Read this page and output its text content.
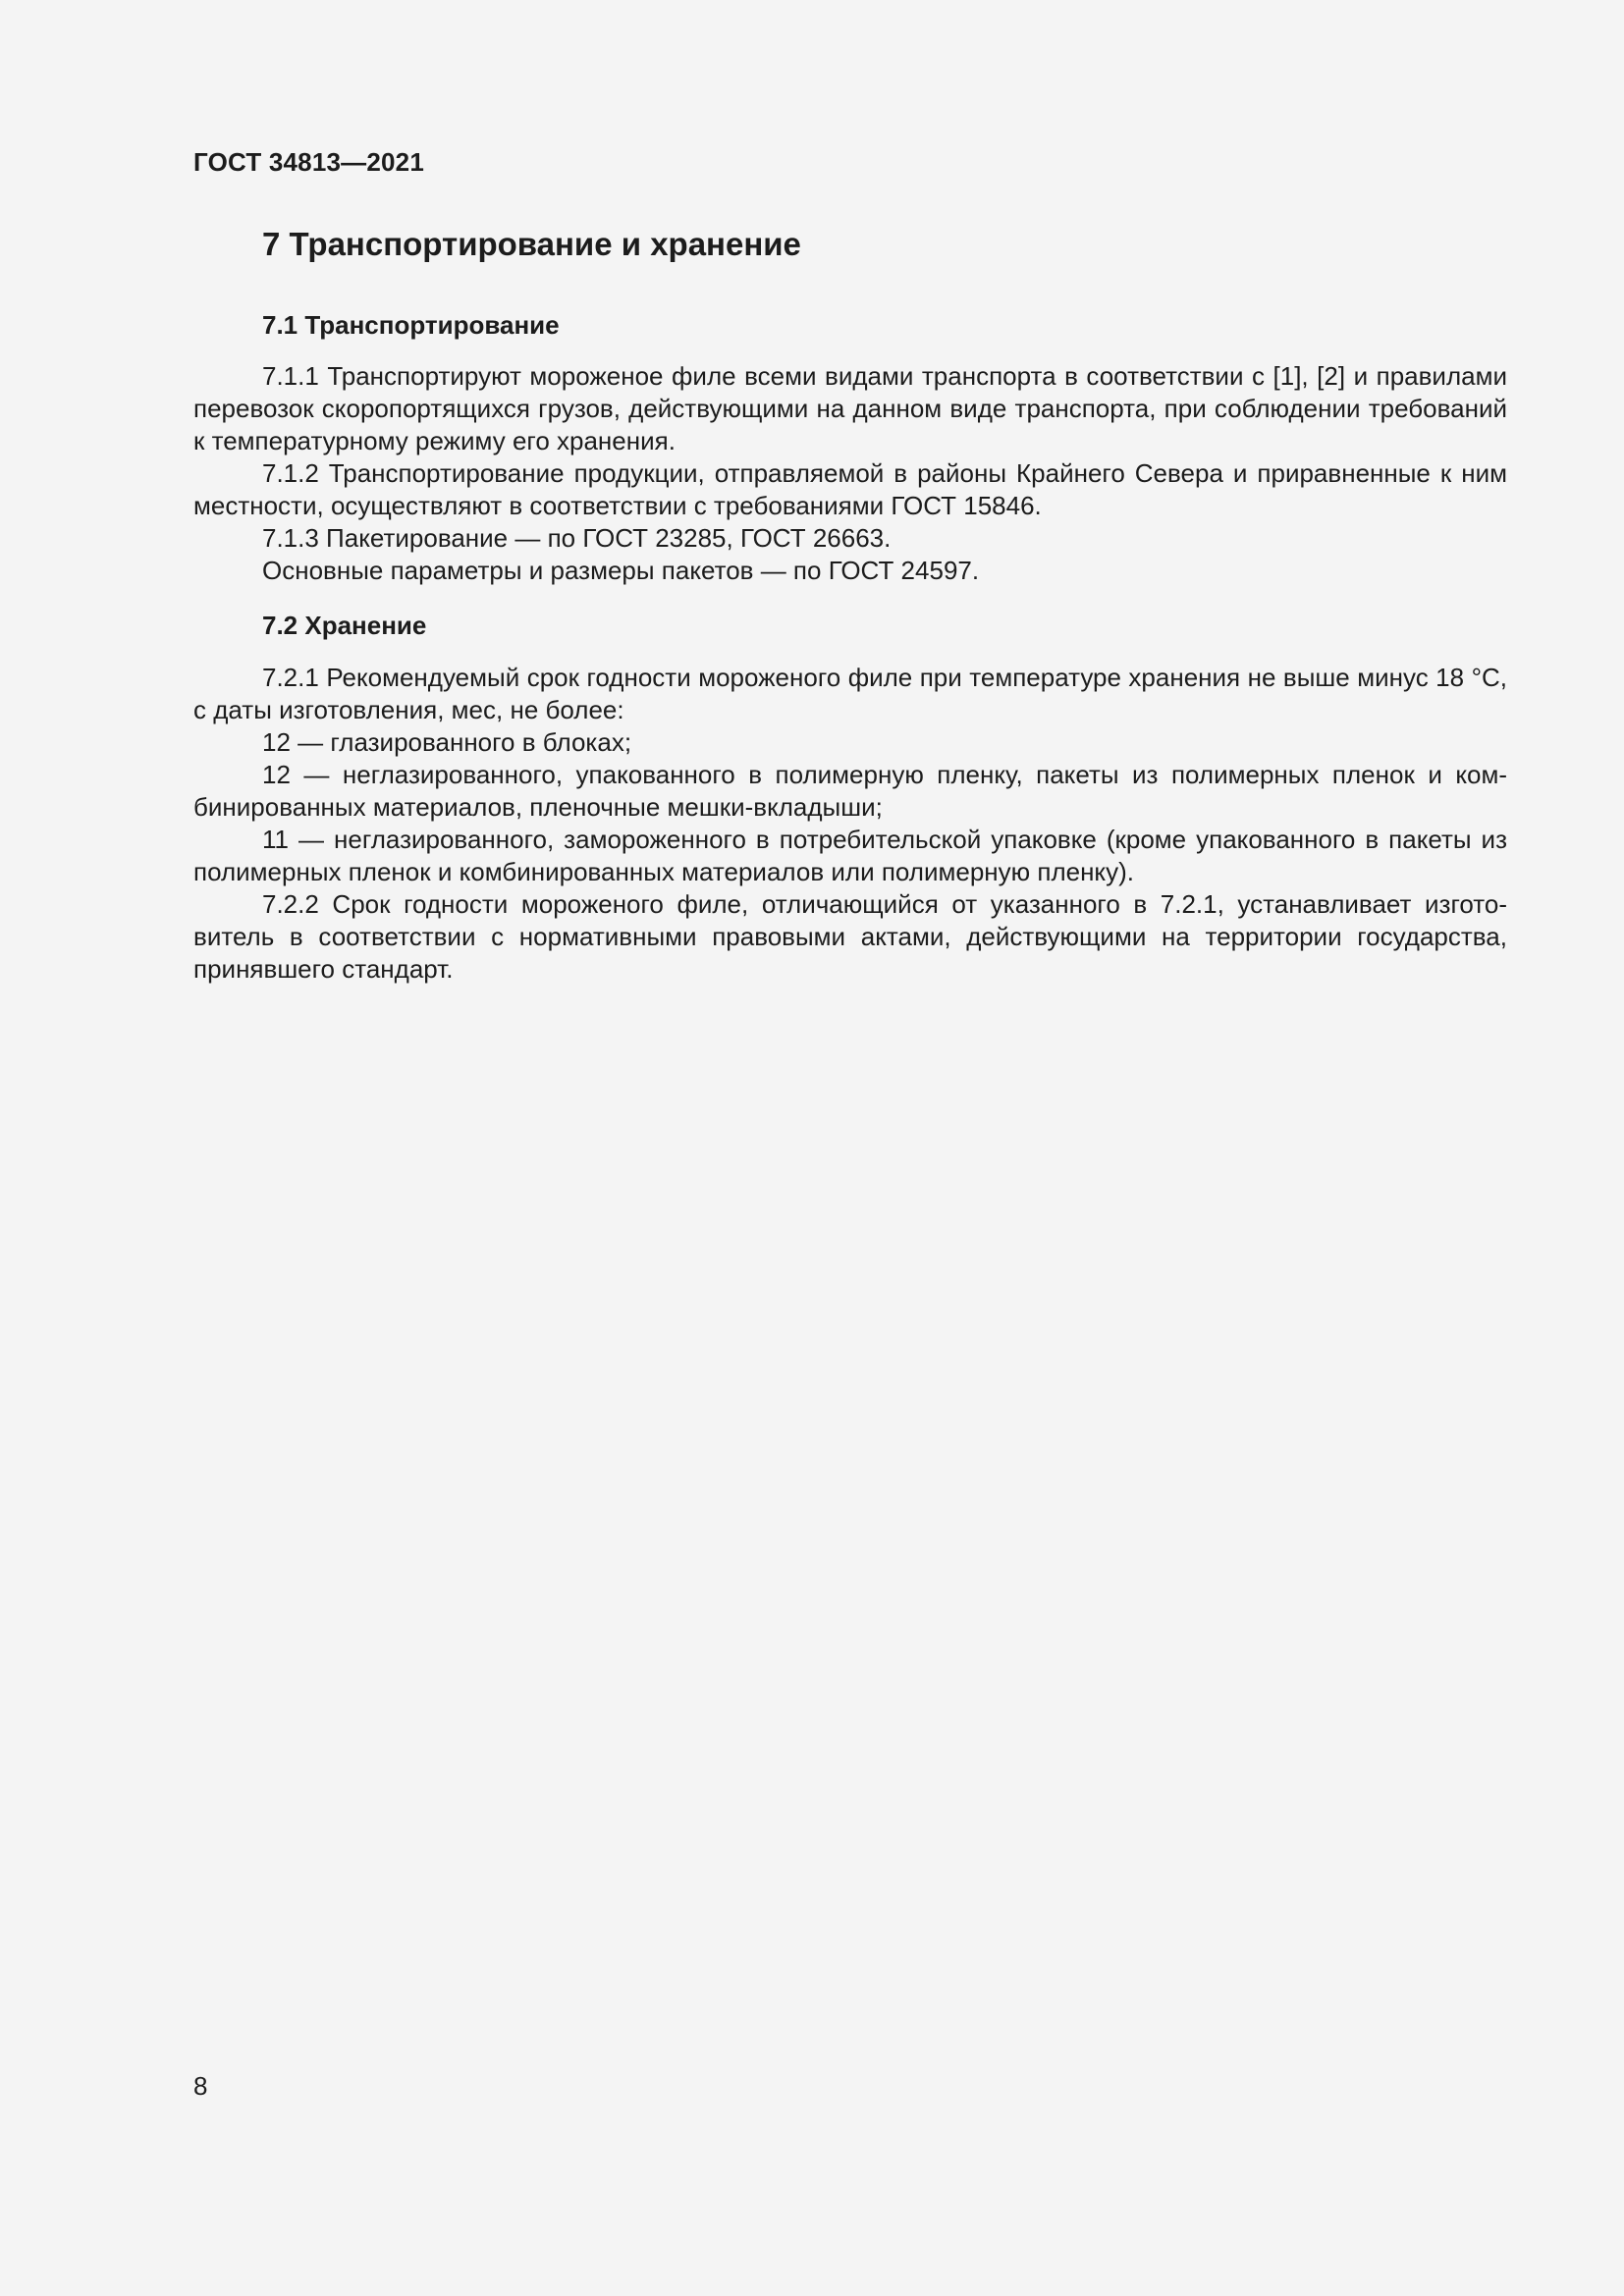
ГОСТ 34813—2021
7 Транспортирование и хранение
7.1 Транспортирование

7.1.1 Транспортируют мороженое филе всеми видами транспорта в соответствии с [1], [2] и правилами перевозок скоропортящихся грузов, действующими на данном виде транспорта, при соблюдении требований к температурному режиму его хранения.

7.1.2 Транспортирование продукции, отправляемой в районы Крайнего Севера и приравненные к ним местности, осуществляют в соответствии с требованиями ГОСТ 15846.

7.1.3 Пакетирование — по ГОСТ 23285, ГОСТ 26663.

Основные параметры и размеры пакетов — по ГОСТ 24597.

7.2 Хранение

7.2.1 Рекомендуемый срок годности мороженого филе при температуре хранения не выше минус 18 °С, с даты изготовления, мес, не более:

12 — глазированного в блоках;

12 — неглазированного, упакованного в полимерную пленку, пакеты из полимерных пленок и комбинированных материалов, пленочные мешки-вкладыши;

11 — неглазированного, замороженного в потребительской упаковке (кроме упакованного в пакеты из полимерных пленок и комбинированных материалов или полимерную пленку).

7.2.2 Срок годности мороженого филе, отличающийся от указанного в 7.2.1, устанавливает изготовитель в соответствии с нормативными правовыми актами, действующими на территории государства, принявшего стандарт.

8
